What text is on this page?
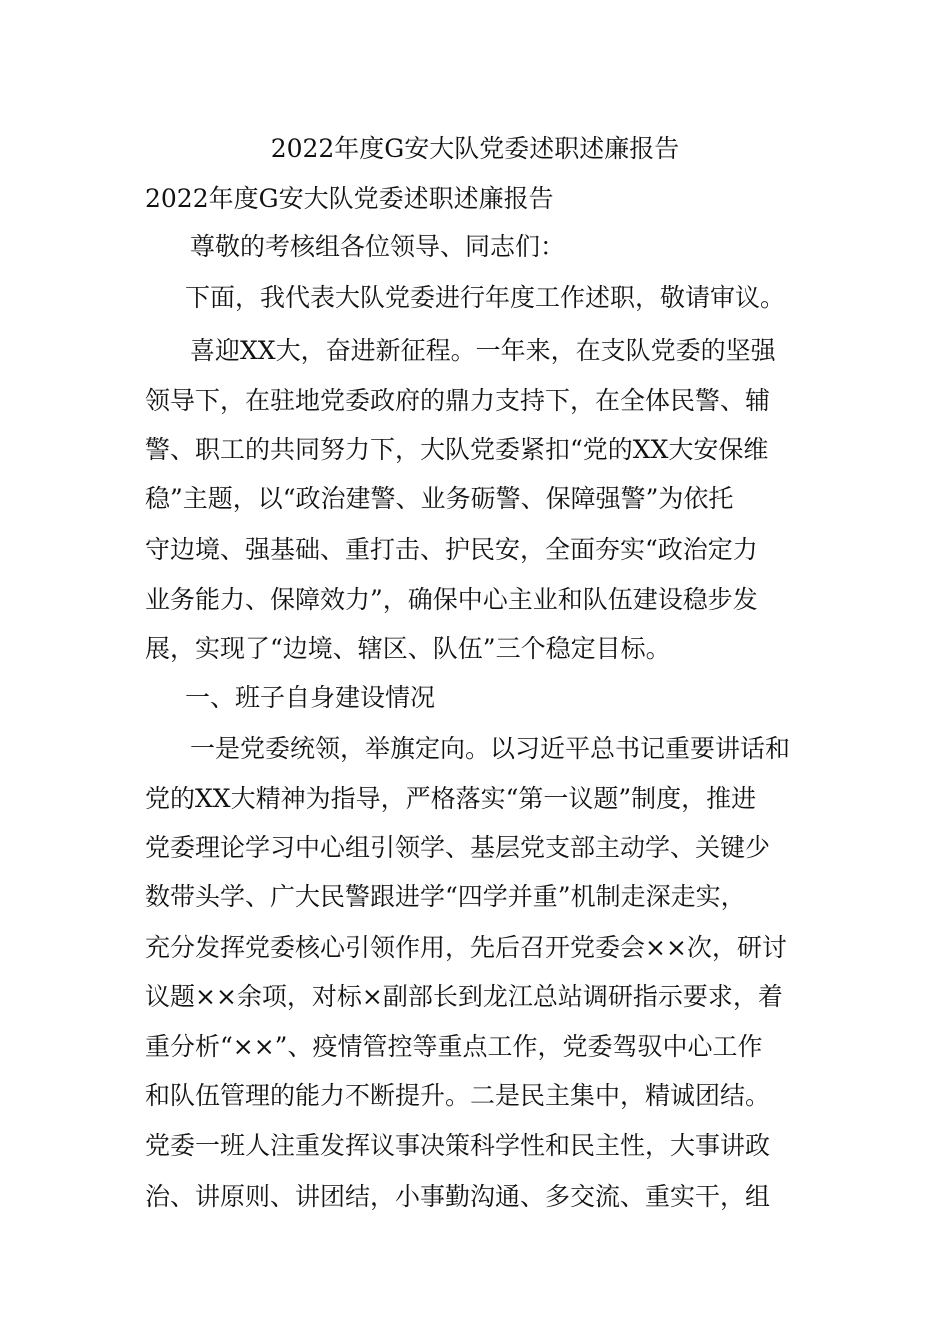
2022年度G安大队党委述职述廉报告
2022年度G安大队党委述职述廉报告
尊敬的考核组各位领导、同志们：
下面，我代表大队党委进行年度工作述职，敬请审议。
喜迎XX大，奋进新征程。一年来，在支队党委的坚强
领导下，在驻地党委政府的鼎力支持下，在全体民警、辅
警、职工的共同努力下，大队党委紧扣“党的XX大安保维
稳”主题，以“政治建警、业务砺警、保障强警”为依托
守边境、强基础、重打击、护民安，全面夯实“政治定力
业务能力、保障效力”，确保中心主业和队伍建设稳步发
展，实现了“边境、辖区、队伍”三个稳定目标。
一、班子自身建设情况
一是党委统领，举旗定向。以习近平总书记重要讲话和
党的XX大精神为指导，严格落实“第一议题”制度，推进
党委理论学习中心组引领学、基层党支部主动学、关键少
数带头学、广大民警跟进学“四学并重”机制走深走实，
充分发挥党委核心引领作用，先后召开党委会××次，研讨
议题××余项，对标×副部长到龙江总站调研指示要求，着
重分析“××”、疫情管控等重点工作，党委驾驭中心工作
和队伍管理的能力不断提升。二是民主集中，精诚团结。
党委一班人注重发挥议事决策科学性和民主性，大事讲政
治、讲原则、讲团结，小事勤沟通、多交流、重实干，组
